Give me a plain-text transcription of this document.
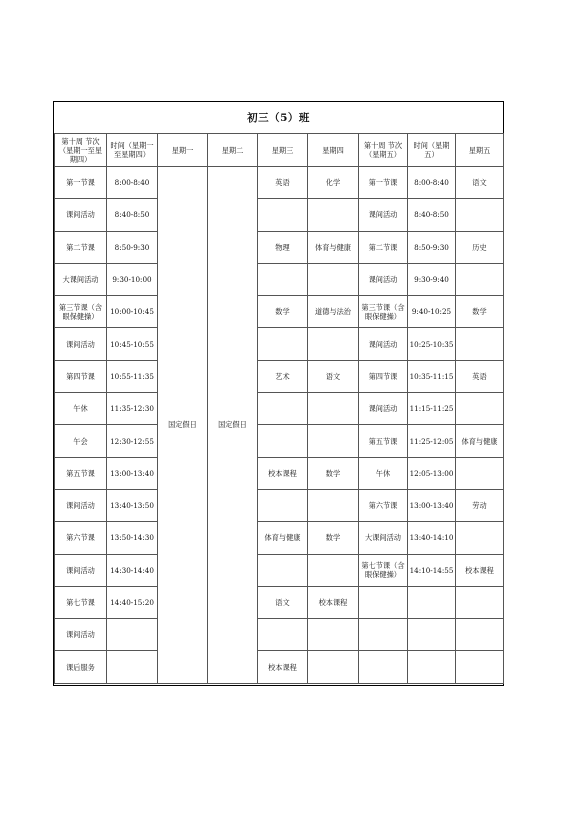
初三（5）班
第十周 节次（星期一至星期四）	时间（星期一至星期四）	星期一	星期二	星期三	星期四	第十周 节次（星期五）	时间（星期五）	星期五
第一节课	8:00-8:40	国定假日	国定假日	英语	化学	第一节课	8:00-8:40	语文
课间活动	8:40-8:50					课间活动	8:40-8:50	
第二节课	8:50-9:30			物理	体育与健康	第二节课	8:50-9:30	历史
大课间活动	9:30-10:00					课间活动	9:30-9:40	
第三节课（含眼保健操）	10:00-10:45			数学	道德与法治	第三节课（含眼保健操）	9:40-10:25	数学
课间活动	10:45-10:55					课间活动	10:25-10:35	
第四节课	10:55-11:35			艺术	语文	第四节课	10:35-11:15	英语
午休	11:35-12:30					课间活动	11:15-11:25	
午会	12:30-12:55					第五节课	11:25-12:05	体育与健康
第五节课	13:00-13:40			校本课程	数学	午休	12:05-13:00	
课间活动	13:40-13:50					第六节课	13:00-13:40	劳动
第六节课	13:50-14:30			体育与健康	数学	大课间活动	13:40-14:10	
课间活动	14:30-14:40					第七节课（含眼保健操）	14:10-14:55	校本课程
第七节课	14:40-15:20			语文	校本课程			
课间活动								
课后服务				校本课程				
